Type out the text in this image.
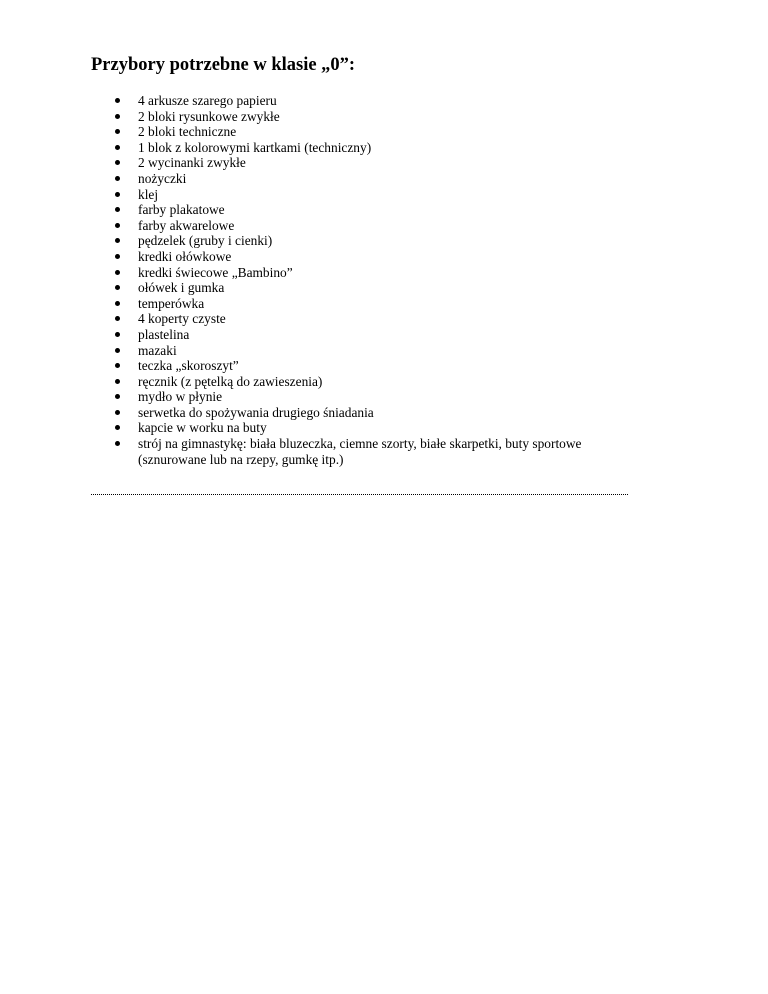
Przybory potrzebne w klasie „0”:
4 arkusze szarego papieru
2 bloki rysunkowe zwykłe
2 bloki techniczne
1 blok z kolorowymi kartkami (techniczny)
2 wycinanki zwykłe
nożyczki
klej
farby plakatowe
farby akwarelowe
pędzelek (gruby i cienki)
kredki ołówkowe
kredki świecowe „Bambino”
ołówek i gumka
temperówka
4 koperty czyste
plastelina
mazaki
teczka „skoroszyt”
ręcznik (z pętelką do zawieszenia)
mydło w płynie
serwetka do spożywania drugiego śniadania
kapcie w worku na buty
strój na gimnastykę: biała bluzeczka, ciemne szorty, białe skarpetki, buty sportowe
(sznurowane lub na rzepy, gumkę itp.)
